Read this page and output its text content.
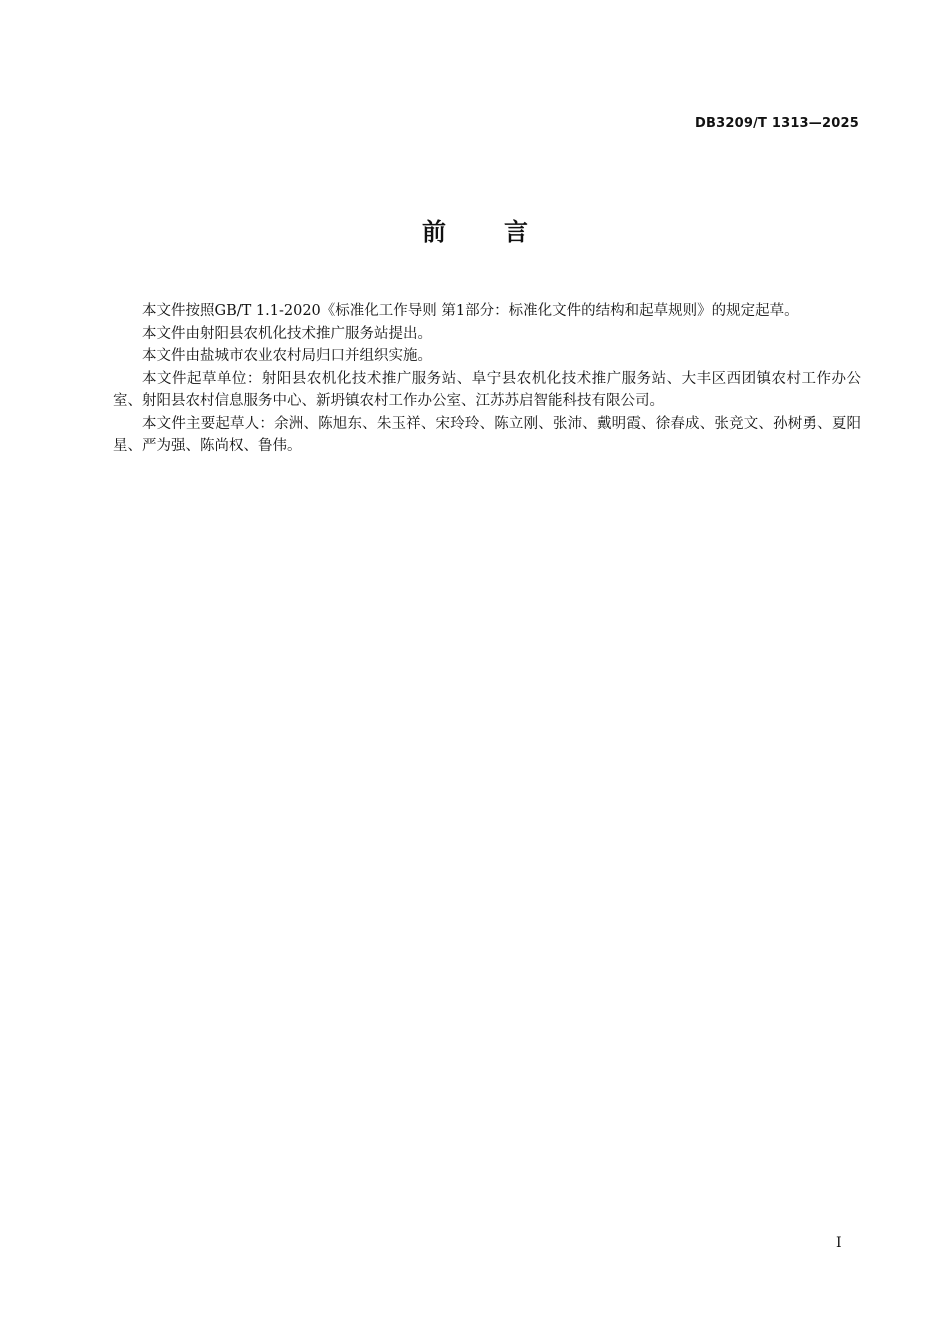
DB3209/T 1313—2025
前言

本文件按照GB/T 1.1-2020《标准化工作导则 第1部分：标准化文件的结构和起草规则》的规定起草。

本文件由射阳县农机化技术推广服务站提出。

本文件由盐城市农业农村局归口并组织实施。

本文件起草单位：射阳县农机化技术推广服务站、阜宁县农机化技术推广服务站、大丰区西团镇农村工作办公室、射阳县农村信息服务中心、新坍镇农村工作办公室、江苏苏启智能科技有限公司。

本文件主要起草人：余洲、陈旭东、朱玉祥、宋玲玲、陈立刚、张沛、戴明霞、徐春成、张竞文、孙树勇、夏阳星、严为强、陈尚权、鲁伟。

I
